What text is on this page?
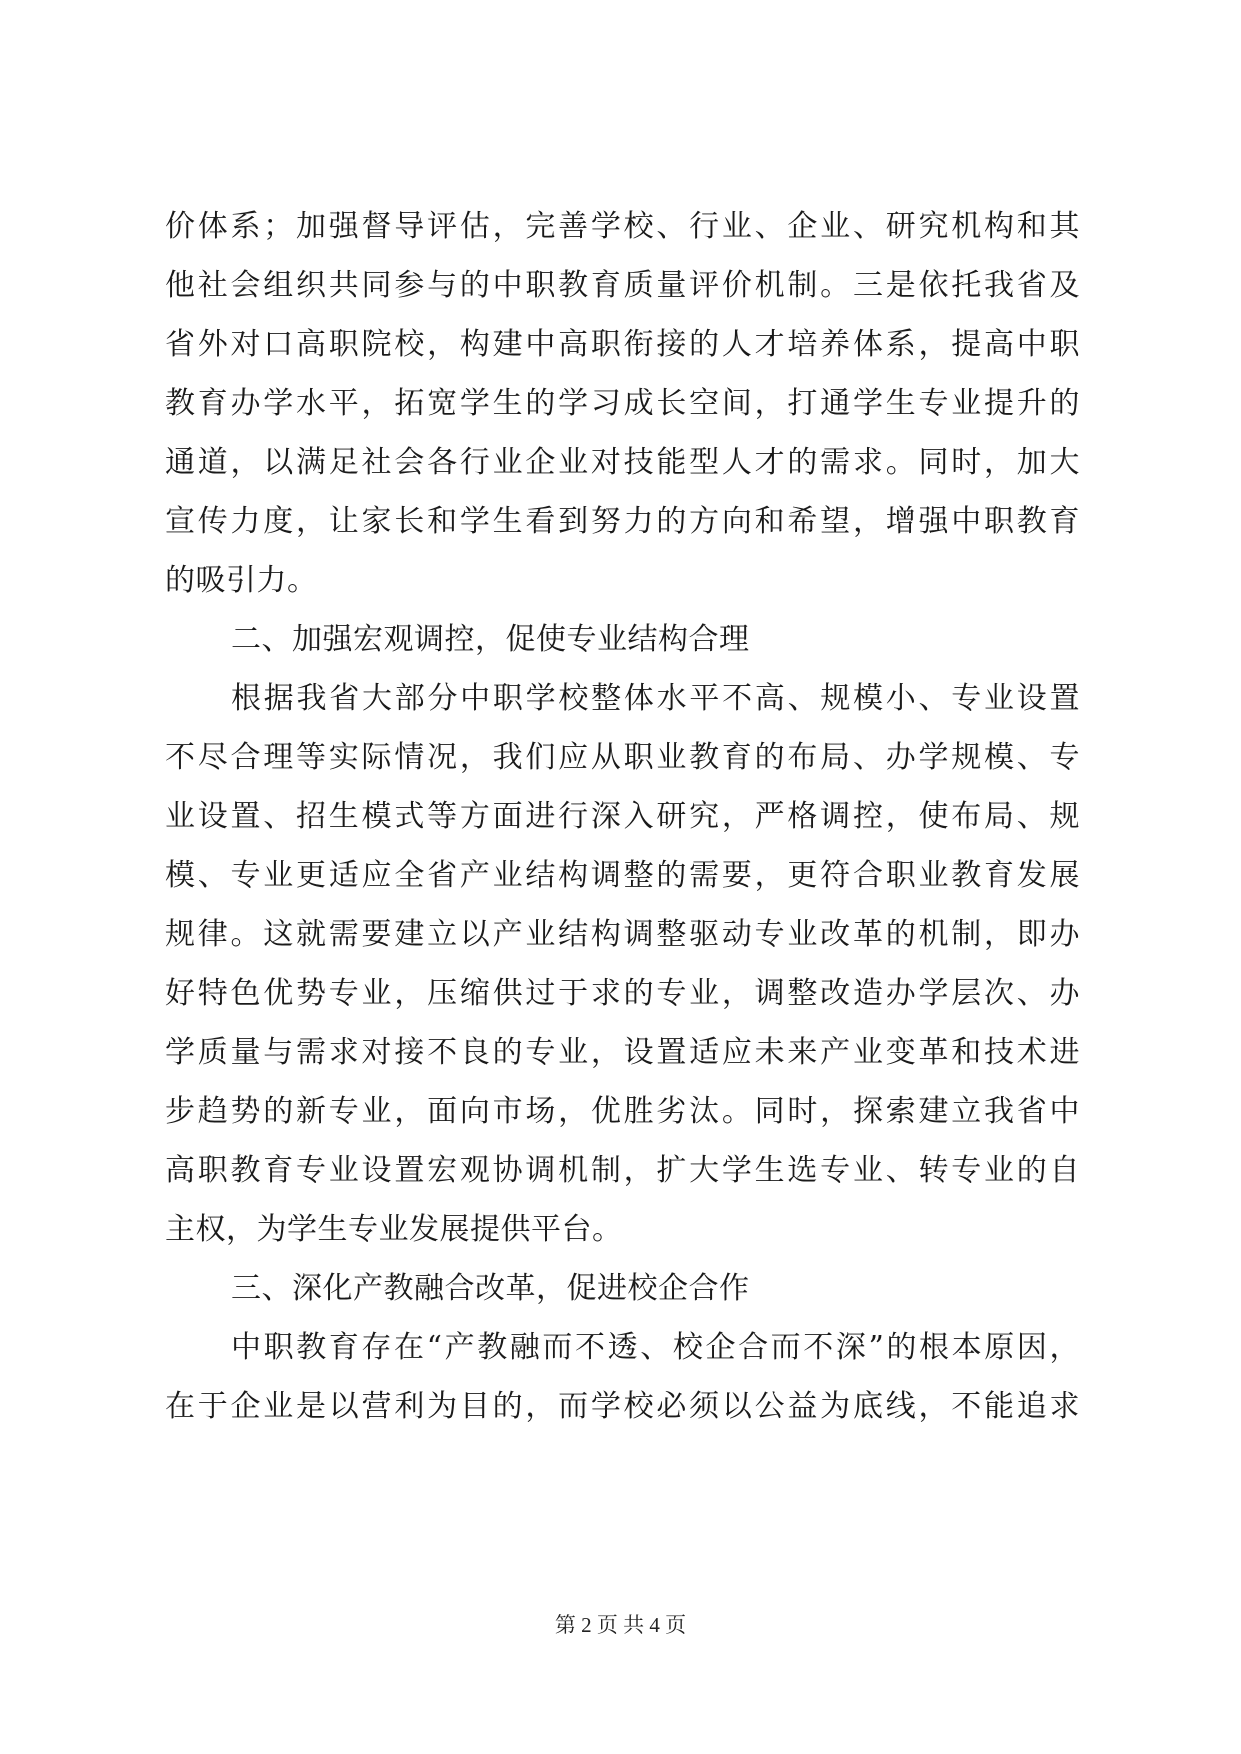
价体系；加强督导评估，完善学校、行业、企业、研究机构和其
他社会组织共同参与的中职教育质量评价机制。三是依托我省及
省外对口高职院校，构建中高职衔接的人才培养体系，提高中职
教育办学水平，拓宽学生的学习成长空间，打通学生专业提升的
通道，以满足社会各行业企业对技能型人才的需求。同时，加大
宣传力度，让家长和学生看到努力的方向和希望，增强中职教育
的吸引力。
二、加强宏观调控，促使专业结构合理
根据我省大部分中职学校整体水平不高、规模小、专业设置
不尽合理等实际情况，我们应从职业教育的布局、办学规模、专
业设置、招生模式等方面进行深入研究，严格调控，使布局、规
模、专业更适应全省产业结构调整的需要，更符合职业教育发展
规律。这就需要建立以产业结构调整驱动专业改革的机制，即办
好特色优势专业，压缩供过于求的专业，调整改造办学层次、办
学质量与需求对接不良的专业，设置适应未来产业变革和技术进
步趋势的新专业，面向市场，优胜劣汰。同时，探索建立我省中
高职教育专业设置宏观协调机制，扩大学生选专业、转专业的自
主权，为学生专业发展提供平台。
三、深化产教融合改革，促进校企合作
中职教育存在“产教融而不透、校企合而不深”的根本原因，
在于企业是以营利为目的，而学校必须以公益为底线，不能追求
第 2 页 共 4 页
